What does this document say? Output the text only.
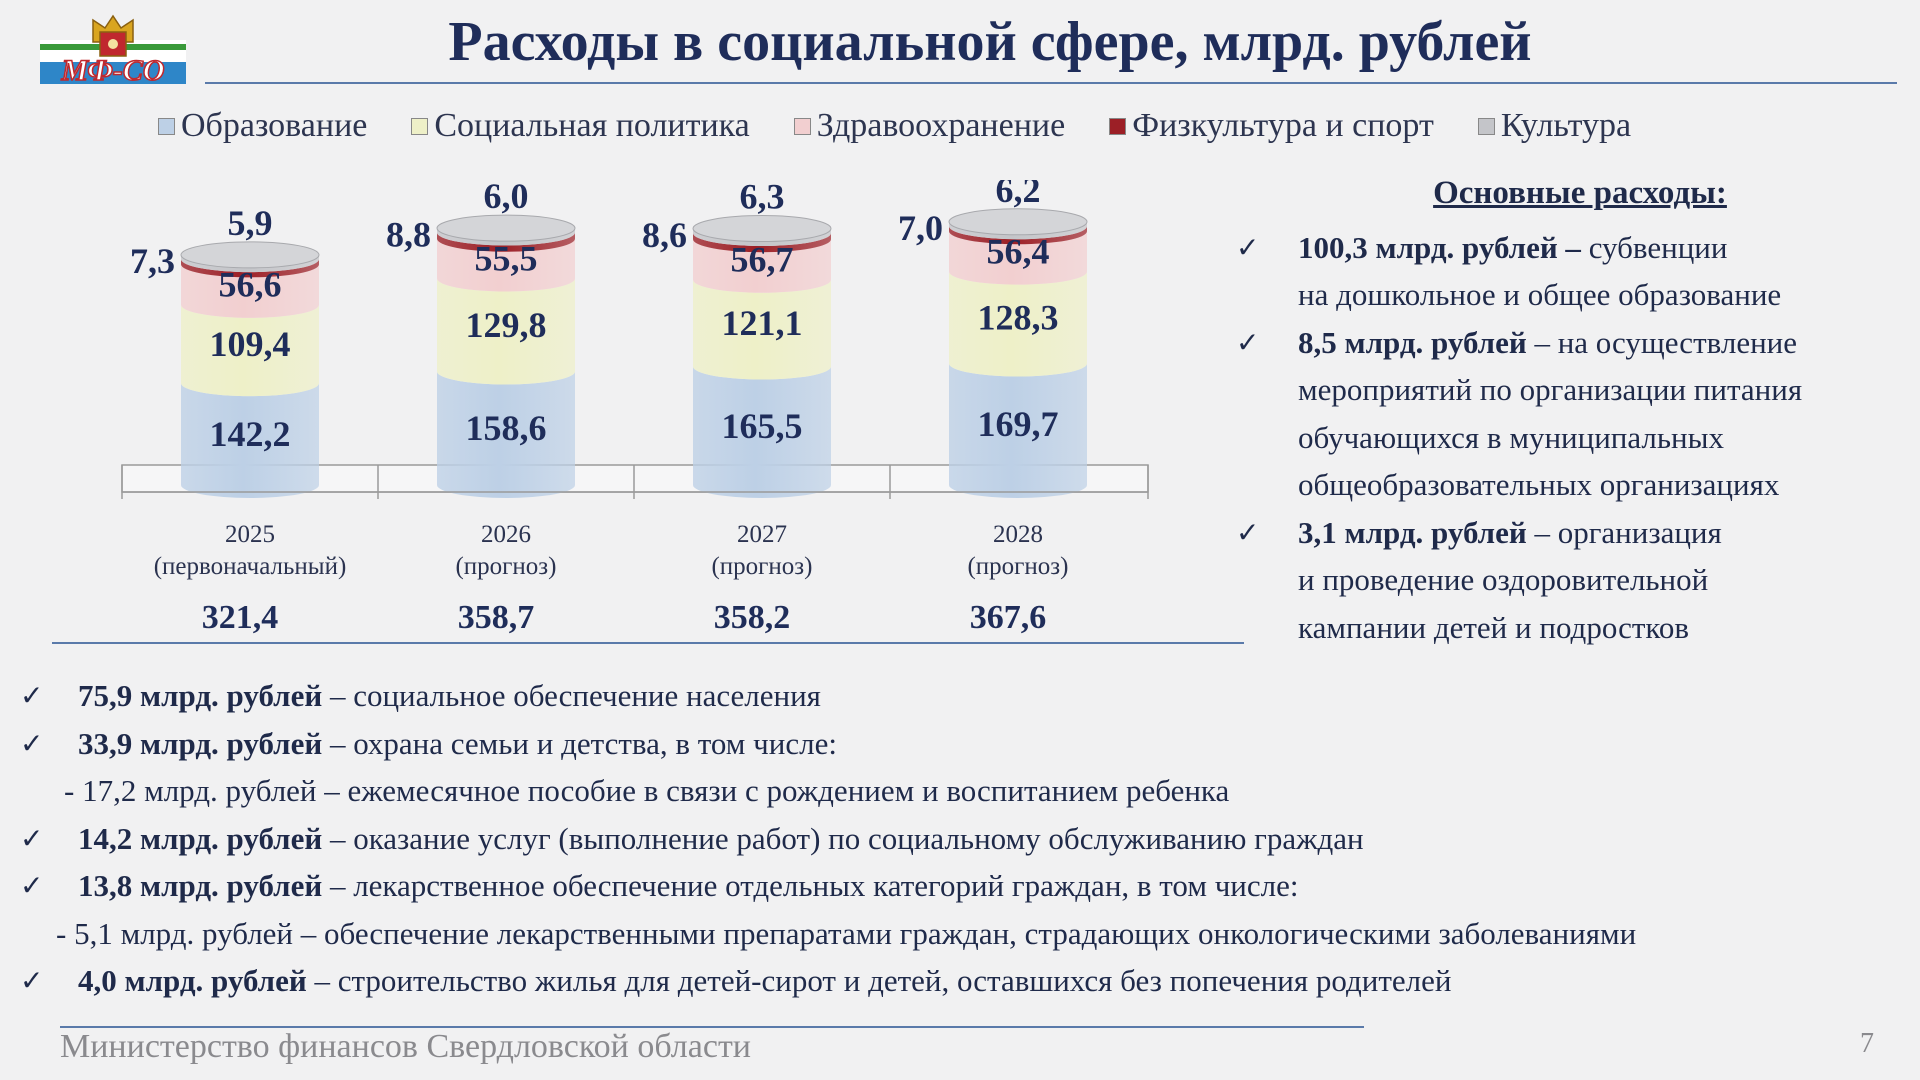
МФ-СО	Расходы в социальной сфере, млрд. рублей
Образование Социальная политика Здравоохранение Физкультура и спорт Культура
142,2
109,4
56,6
7,3
5,9
2025
(первоначальный)
321,4
158,6
129,8
55,5
8,8
6,0
2026
(прогноз)
358,7
165,5
121,1
56,7
8,6
6,3
2027
(прогноз)
358,2
169,7
128,3
56,4
7,0
6,2
2028
(прогноз)
367,6
Основные расходы:
✓ 100,3 млрд. рублей – субвенции
на дошкольное и общее образование
✓ 8,5 млрд. рублей – на осуществление
мероприятий по организации питания
обучающихся в муниципальных
общеобразовательных организациях
✓ 3,1 млрд. рублей – организация
и проведение оздоровительной
кампании детей и подростков
✓ 75,9 млрд. рублей – социальное обеспечение населения
✓ 33,9 млрд. рублей – охрана семьи и детства, в том числе:
- 17,2 млрд. рублей – ежемесячное пособие в связи с рождением и воспитанием ребенка
✓ 14,2 млрд. рублей – оказание услуг (выполнение работ) по социальному обслуживанию граждан
✓ 13,8 млрд. рублей – лекарственное обеспечение отдельных категорий граждан, в том числе:
- 5,1 млрд. рублей – обеспечение лекарственными препаратами граждан, страдающих онкологическими заболеваниями
✓ 4,0 млрд. рублей – строительство жилья для детей-сирот и детей, оставшихся без попечения родителей
Министерство финансов Свердловской области	7
